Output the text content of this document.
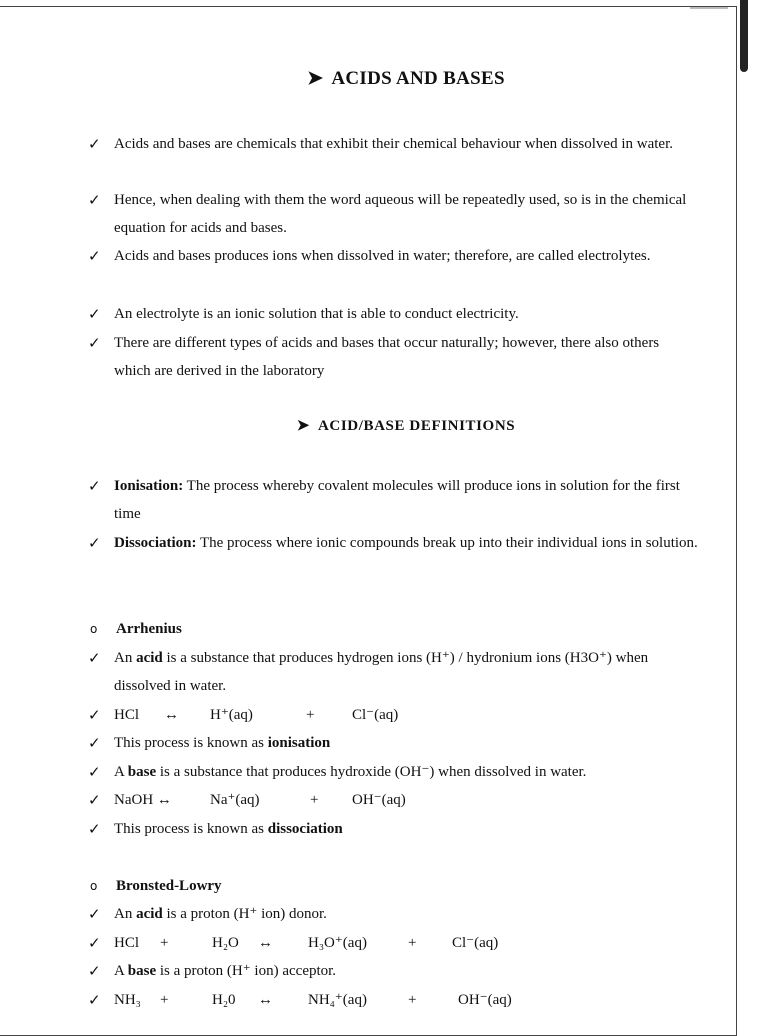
➤ ACIDS AND BASES
✓ Acids and bases are chemicals that exhibit their chemical behaviour when dissolved in water.
✓ Hence, when dealing with them the word aqueous will be repeatedly used, so is in the chemical equation for acids and bases.
✓ Acids and bases produces ions when dissolved in water; therefore, are called electrolytes.
✓ An electrolyte is an ionic solution that is able to conduct electricity.
✓ There are different types of acids and bases that occur naturally; however, there also others which are derived in the laboratory
➤ ACID/BASE DEFINITIONS
✓ Ionisation: The process whereby covalent molecules will produce ions in solution for the first time
✓ Dissociation: The process where ionic compounds break up into their individual ions in solution.
o	Arrhenius
✓ An acid is a substance that produces hydrogen ions (H⁺) / hydronium ions (H3O⁺) when dissolved in water.
✓ HCl	↔	H⁺(aq)	+	Cl⁻(aq)
✓ This process is known as ionisation
✓ A base is a substance that produces hydroxide (OH⁻) when dissolved in water.
✓ NaOH ↔	Na⁺(aq)	+	OH⁻(aq)
✓ This process is known as dissociation
o	Bronsted-Lowry
✓ An acid is a proton (H⁺ ion) donor.
✓ HCl	+	H₂O	↔	H₃O⁺(aq)	+	Cl⁻(aq)
✓ A base is a proton (H⁺ ion) acceptor.
✓ NH₃	+	H₂0	↔	NH₄⁺(aq)	+	OH⁻(aq)
